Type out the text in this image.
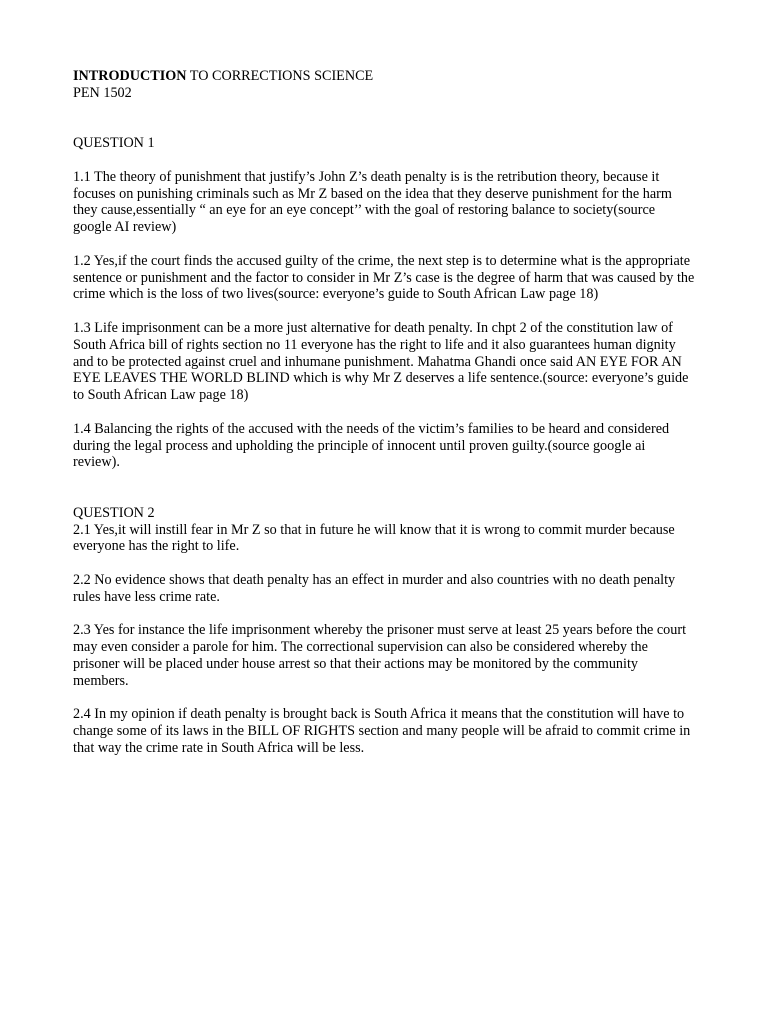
INTRODUCTION TO CORRECTIONS SCIENCE

PEN 1502

QUESTION 1

1.1 The theory of punishment that justify’s John Z’s death penalty is is the retribution theory, because it focuses on punishing criminals such as Mr Z based on the idea that they deserve punishment for the harm they cause,essentially “ an eye for an eye concept’’ with the goal of restoring balance to society(source google AI review)

1.2 Yes,if the court finds the accused guilty of the crime, the next step is to determine what is the appropriate sentence or punishment and the factor to consider in Mr Z’s case is the degree of harm that was caused by the crime which is the loss of two lives(source: everyone’s guide to South African Law page 18)

1.3 Life imprisonment can be a more just alternative for death penalty. In chpt 2 of the constitution law of South Africa bill of rights section no 11 everyone has the right to life and it also guarantees human dignity and to be protected against cruel and inhumane punishment. Mahatma Ghandi once said AN EYE FOR AN EYE LEAVES THE WORLD BLIND which is why Mr Z deserves a life sentence.(source: everyone’s guide to South African Law page 18)

1.4 Balancing the rights of the accused with the needs of the victim’s families to be heard and considered during the legal process and upholding the principle of innocent until proven guilty.(source google ai review).

QUESTION 2

2.1 Yes,it will instill fear in Mr Z so that in future he will know that it is wrong to commit murder because everyone has the right to life.

2.2 No evidence shows that death penalty has an effect in murder and also countries with no death penalty rules have less crime rate.

2.3 Yes for instance the life imprisonment whereby the prisoner must serve at least 25 years before the court may even consider a parole for him. The correctional supervision can also be considered whereby the prisoner will be placed under house arrest so that their actions may be monitored by the community members.

2.4 In my opinion if death penalty is brought back is South Africa it means that the constitution will have to change some of its laws in the BILL OF RIGHTS section and many people will be afraid to commit crime in that way the crime rate in South Africa will be less.
